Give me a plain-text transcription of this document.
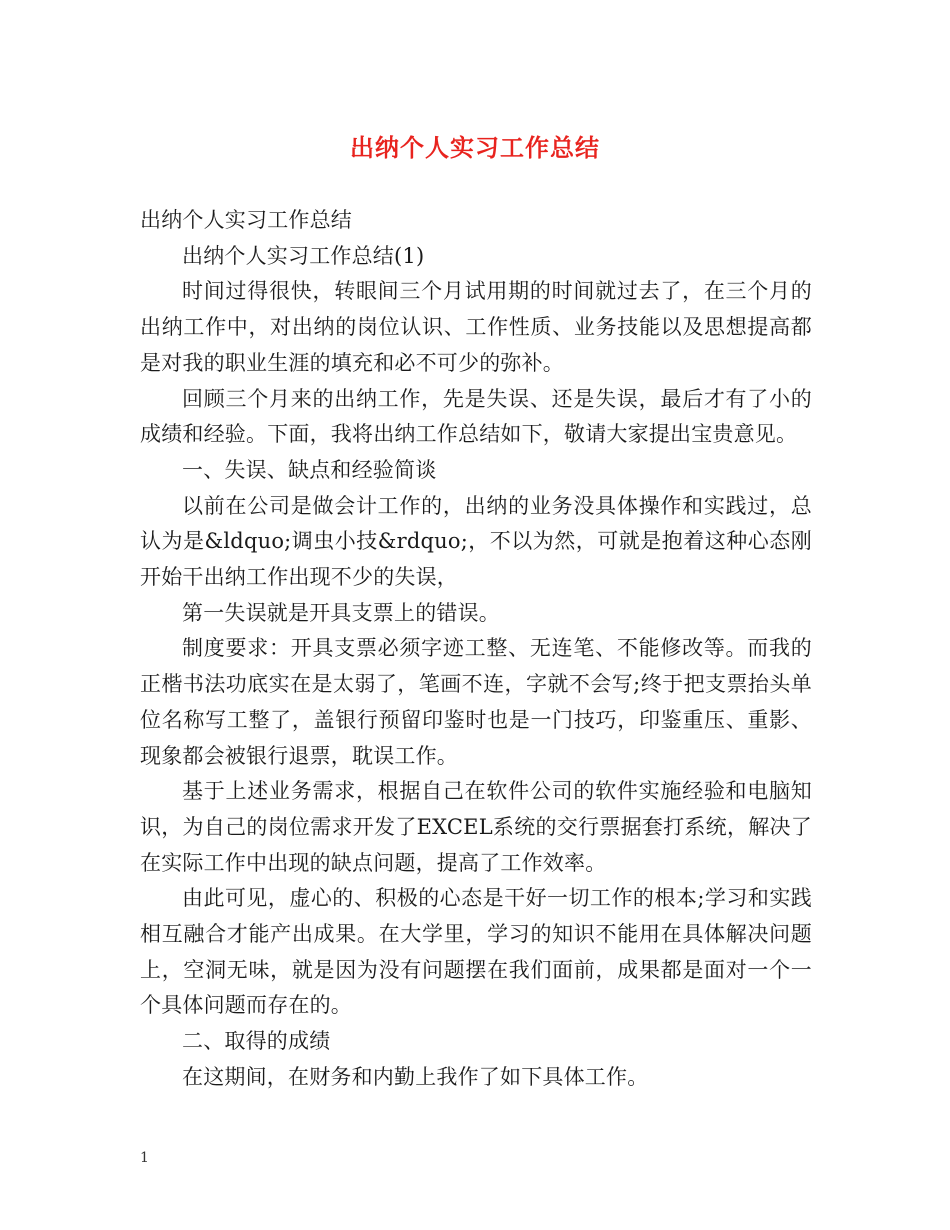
出纳个人实习工作总结

出纳个人实习工作总结

出纳个人实习工作总结(1)

时间过得很快，转眼间三个月试用期的时间就过去了，在三个月的出纳工作中，对出纳的岗位认识、工作性质、业务技能以及思想提高都是对我的职业生涯的填充和必不可少的弥补。

回顾三个月来的出纳工作，先是失误、还是失误，最后才有了小的成绩和经验。下面，我将出纳工作总结如下，敬请大家提出宝贵意见。

一、失误、缺点和经验简谈

以前在公司是做会计工作的，出纳的业务没具体操作和实践过，总认为是&ldquo;调虫小技&rdquo;，不以为然，可就是抱着这种心态刚开始干出纳工作出现不少的失误，

第一失误就是开具支票上的错误。

制度要求：开具支票必须字迹工整、无连笔、不能修改等。而我的正楷书法功底实在是太弱了，笔画不连，字就不会写;终于把支票抬头单位名称写工整了，盖银行预留印鉴时也是一门技巧，印鉴重压、重影、现象都会被银行退票，耽误工作。

基于上述业务需求，根据自己在软件公司的软件实施经验和电脑知识，为自己的岗位需求开发了EXCEL系统的交行票据套打系统，解决了在实际工作中出现的缺点问题，提高了工作效率。

由此可见，虚心的、积极的心态是干好一切工作的根本;学习和实践相互融合才能产出成果。在大学里，学习的知识不能用在具体解决问题上，空洞无味，就是因为没有问题摆在我们面前，成果都是面对一个一个具体问题而存在的。

二、取得的成绩

在这期间，在财务和内勤上我作了如下具体工作。

1
